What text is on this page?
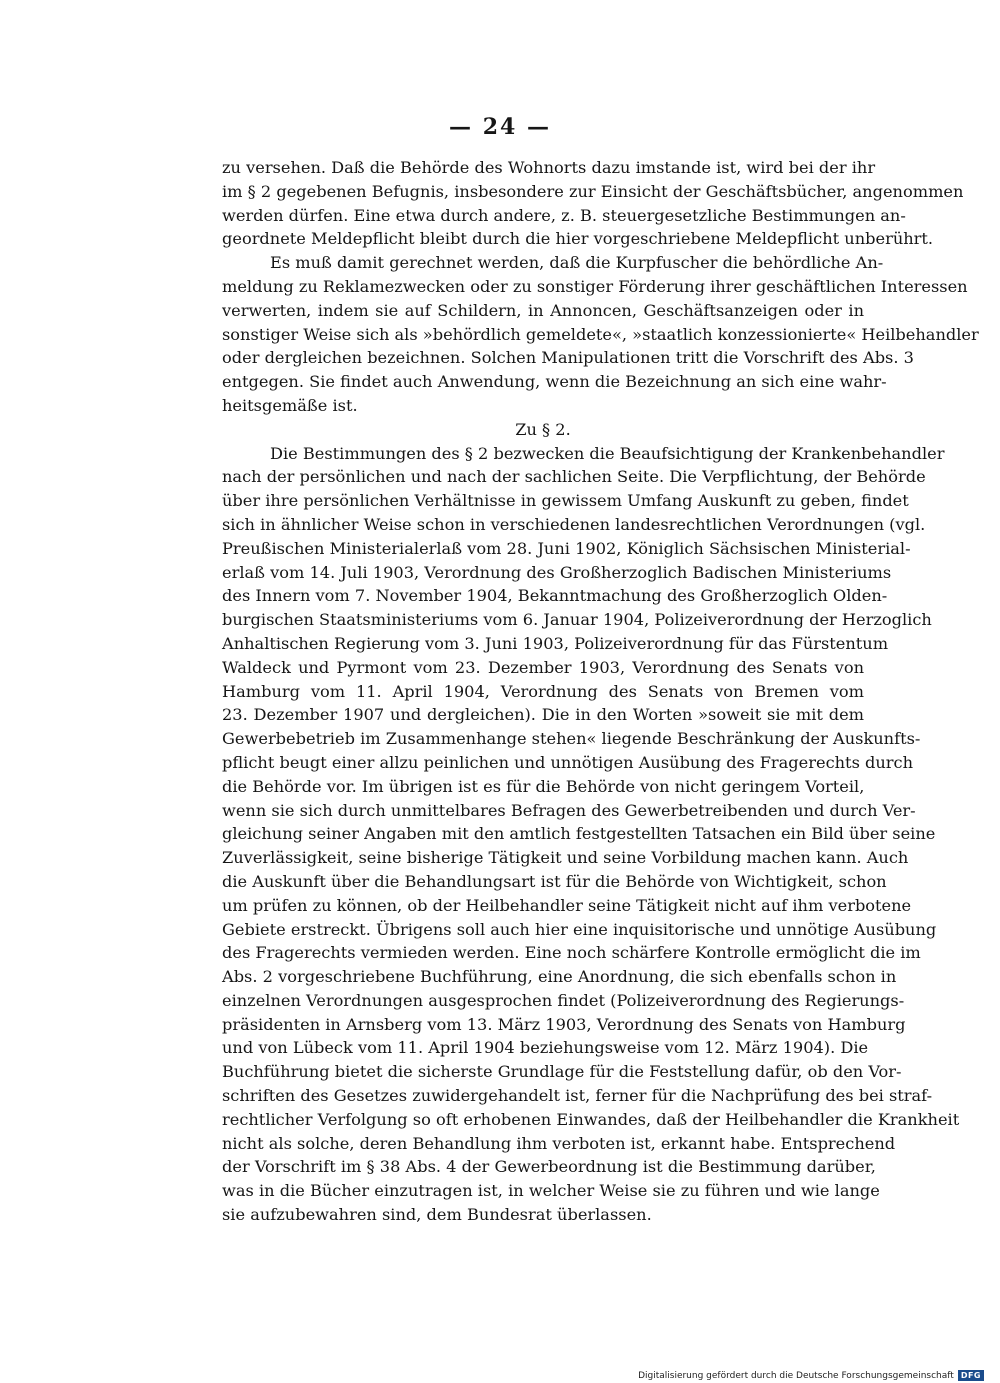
— 24 —
zu versehen. Daß die Behörde des Wohnorts dazu imstande ist, wird bei der ihr
im § 2 gegebenen Befugnis, insbesondere zur Einsicht der Geschäftsbücher, angenommen
werden dürfen. Eine etwa durch andere, z. B. steuergesetzliche Bestimmungen an-
geordnete Meldepflicht bleibt durch die hier vorgeschriebene Meldepflicht unberührt.
Es muß damit gerechnet werden, daß die Kurpfuscher die behördliche An-
meldung zu Reklamezwecken oder zu sonstiger Förderung ihrer geschäftlichen Interessen
verwerten, indem sie auf Schildern, in Annoncen, Geschäftsanzeigen oder in
sonstiger Weise sich als »behördlich gemeldete«, »staatlich konzessionierte« Heilbehandler
oder dergleichen bezeichnen. Solchen Manipulationen tritt die Vorschrift des Abs. 3
entgegen. Sie findet auch Anwendung, wenn die Bezeichnung an sich eine wahr-
heitsgemäße ist.
Zu § 2.
Die Bestimmungen des § 2 bezwecken die Beaufsichtigung der Krankenbehandler
nach der persönlichen und nach der sachlichen Seite. Die Verpflichtung, der Behörde
über ihre persönlichen Verhältnisse in gewissem Umfang Auskunft zu geben, findet
sich in ähnlicher Weise schon in verschiedenen landesrechtlichen Verordnungen (vgl.
Preußischen Ministerialerlaß vom 28. Juni 1902, Königlich Sächsischen Ministerial-
erlaß vom 14. Juli 1903, Verordnung des Großherzoglich Badischen Ministeriums
des Innern vom 7. November 1904, Bekanntmachung des Großherzoglich Olden-
burgischen Staatsministeriums vom 6. Januar 1904, Polizeiverordnung der Herzoglich
Anhaltischen Regierung vom 3. Juni 1903, Polizeiverordnung für das Fürstentum
Waldeck und Pyrmont vom 23. Dezember 1903, Verordnung des Senats von
Hamburg vom 11. April 1904, Verordnung des Senats von Bremen vom
23. Dezember 1907 und dergleichen). Die in den Worten »soweit sie mit dem
Gewerbebetrieb im Zusammenhange stehen« liegende Beschränkung der Auskunfts-
pflicht beugt einer allzu peinlichen und unnötigen Ausübung des Fragerechts durch
die Behörde vor. Im übrigen ist es für die Behörde von nicht geringem Vorteil,
wenn sie sich durch unmittelbares Befragen des Gewerbetreibenden und durch Ver-
gleichung seiner Angaben mit den amtlich festgestellten Tatsachen ein Bild über seine
Zuverlässigkeit, seine bisherige Tätigkeit und seine Vorbildung machen kann. Auch
die Auskunft über die Behandlungsart ist für die Behörde von Wichtigkeit, schon
um prüfen zu können, ob der Heilbehandler seine Tätigkeit nicht auf ihm verbotene
Gebiete erstreckt. Übrigens soll auch hier eine inquisitorische und unnötige Ausübung
des Fragerechts vermieden werden. Eine noch schärfere Kontrolle ermöglicht die im
Abs. 2 vorgeschriebene Buchführung, eine Anordnung, die sich ebenfalls schon in
einzelnen Verordnungen ausgesprochen findet (Polizeiverordnung des Regierungs-
präsidenten in Arnsberg vom 13. März 1903, Verordnung des Senats von Hamburg
und von Lübeck vom 11. April 1904 beziehungsweise vom 12. März 1904). Die
Buchführung bietet die sicherste Grundlage für die Feststellung dafür, ob den Vor-
schriften des Gesetzes zuwidergehandelt ist, ferner für die Nachprüfung des bei straf-
rechtlicher Verfolgung so oft erhobenen Einwandes, daß der Heilbehandler die Krankheit
nicht als solche, deren Behandlung ihm verboten ist, erkannt habe. Entsprechend
der Vorschrift im § 38 Abs. 4 der Gewerbeordnung ist die Bestimmung darüber,
was in die Bücher einzutragen ist, in welcher Weise sie zu führen und wie lange
sie aufzubewahren sind, dem Bundesrat überlassen.
Digitalisierung gefördert durch die Deutsche Forschungsgemeinschaft DFG
